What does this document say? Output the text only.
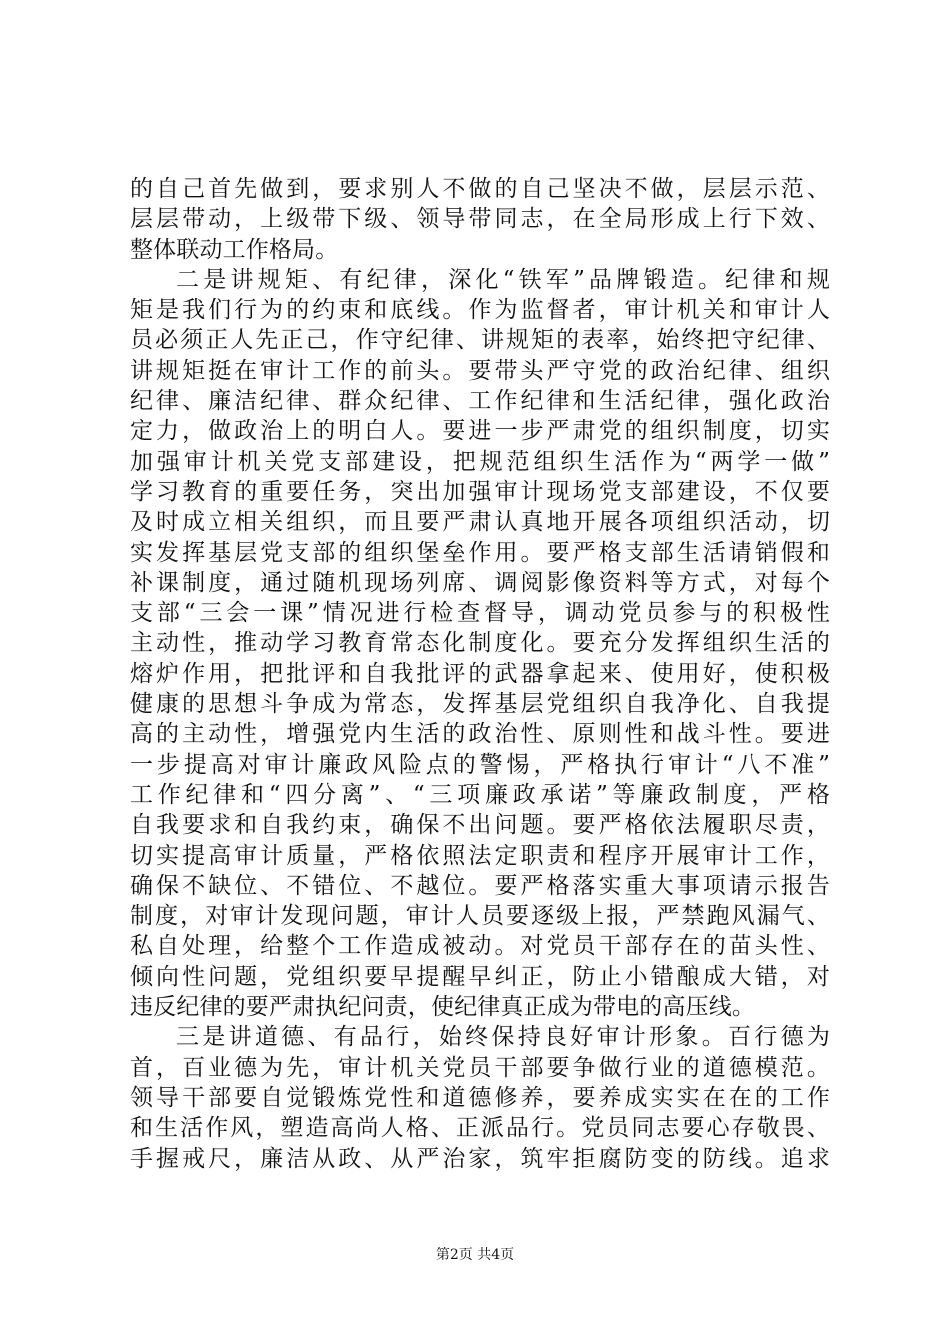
的自己首先做到，要求别人不做的自己坚决不做，层层示范、
层层带动，上级带下级、领导带同志，在全局形成上行下效、
整体联动工作格局。
二是讲规矩、有纪律，深化“铁军”品牌锻造。纪律和规
矩是我们行为的约束和底线。作为监督者，审计机关和审计人
员必须正人先正己，作守纪律、讲规矩的表率，始终把守纪律、
讲规矩挺在审计工作的前头。要带头严守党的政治纪律、组织
纪律、廉洁纪律、群众纪律、工作纪律和生活纪律，强化政治
定力，做政治上的明白人。要进一步严肃党的组织制度，切实
加强审计机关党支部建设，把规范组织生活作为“两学一做”
学习教育的重要任务，突出加强审计现场党支部建设，不仅要
及时成立相关组织，而且要严肃认真地开展各项组织活动，切
实发挥基层党支部的组织堡垒作用。要严格支部生活请销假和
补课制度，通过随机现场列席、调阅影像资料等方式，对每个
支部“三会一课”情况进行检查督导，调动党员参与的积极性
主动性，推动学习教育常态化制度化。要充分发挥组织生活的
熔炉作用，把批评和自我批评的武器拿起来、使用好，使积极
健康的思想斗争成为常态，发挥基层党组织自我净化、自我提
高的主动性，增强党内生活的政治性、原则性和战斗性。要进
一步提高对审计廉政风险点的警惕，严格执行审计“八不准”
工作纪律和“四分离”、“三项廉政承诺”等廉政制度，严格
自我要求和自我约束，确保不出问题。要严格依法履职尽责，
切实提高审计质量，严格依照法定职责和程序开展审计工作，
确保不缺位、不错位、不越位。要严格落实重大事项请示报告
制度，对审计发现问题，审计人员要逐级上报，严禁跑风漏气、
私自处理，给整个工作造成被动。对党员干部存在的苗头性、
倾向性问题，党组织要早提醒早纠正，防止小错酿成大错，对
违反纪律的要严肃执纪问责，使纪律真正成为带电的高压线。
三是讲道德、有品行，始终保持良好审计形象。百行德为
首，百业德为先，审计机关党员干部要争做行业的道德模范。
领导干部要自觉锻炼党性和道德修养，要养成实实在在的工作
和生活作风，塑造高尚人格、正派品行。党员同志要心存敬畏、
手握戒尺，廉洁从政、从严治家，筑牢拒腐防变的防线。追求
第2页 共4页
